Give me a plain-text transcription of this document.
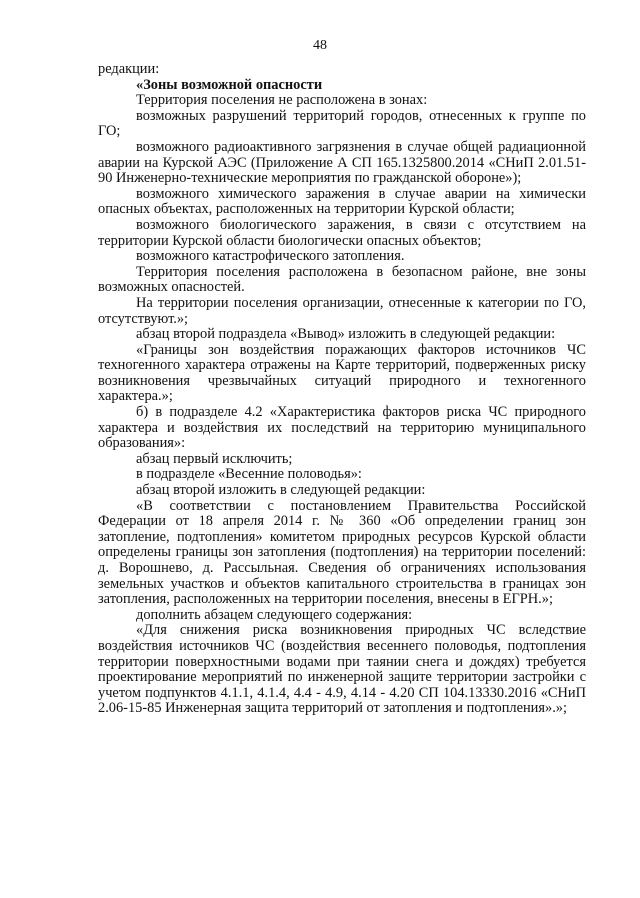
48

редакции:

«Зоны возможной опасности

Территория поселения не расположена в зонах:

возможных разрушений территорий городов, отнесенных к группе по ГО;

возможного радиоактивного загрязнения в случае общей радиационной аварии на Курской АЭС (Приложение А СП 165.1325800.2014 «СНиП 2.01.51-90 Инженерно-технические мероприятия по гражданской обороне»);

возможного химического заражения в случае аварии на химически опасных объектах, расположенных на территории Курской области;

возможного биологического заражения, в связи с отсутствием на территории Курской области биологически опасных объектов;

возможного катастрофического затопления.

Территория поселения расположена в безопасном районе, вне зоны возможных опасностей.

На территории поселения организации, отнесенные к категории по ГО, отсутствуют.»;

абзац второй подраздела «Вывод» изложить в следующей редакции:

«Границы зон воздействия поражающих факторов источников ЧС техногенного характера отражены на Карте территорий, подверженных риску возникновения чрезвычайных ситуаций природного и техногенного характера.»;

б) в подразделе 4.2 «Характеристика факторов риска ЧС природного характера и воздействия их последствий на территорию муниципального образования»:

абзац первый исключить;

в подразделе «Весенние половодья»:

абзац второй изложить в следующей редакции:

«В соответствии с постановлением Правительства Российской Федерации от 18 апреля 2014 г. № 360 «Об определении границ зон затопление, подтопления» комитетом природных ресурсов Курской области определены границы зон затопления (подтопления) на территории поселений: д. Ворошнево, д. Рассыльная. Сведения об ограничениях использования земельных участков и объектов капитального строительства в границах зон затопления, расположенных на территории поселения, внесены в ЕГРН.»;

дополнить абзацем следующего содержания:

«Для снижения риска возникновения природных ЧС вследствие воздействия источников ЧС (воздействия весеннего половодья, подтопления территории поверхностными водами при таянии снега и дождях) требуется проектирование мероприятий по инженерной защите территории застройки с учетом подпунктов 4.1.1, 4.1.4, 4.4 - 4.9, 4.14 - 4.20 СП 104.13330.2016 «СНиП 2.06-15-85 Инженерная защита территорий от затопления и подтопления».»;
